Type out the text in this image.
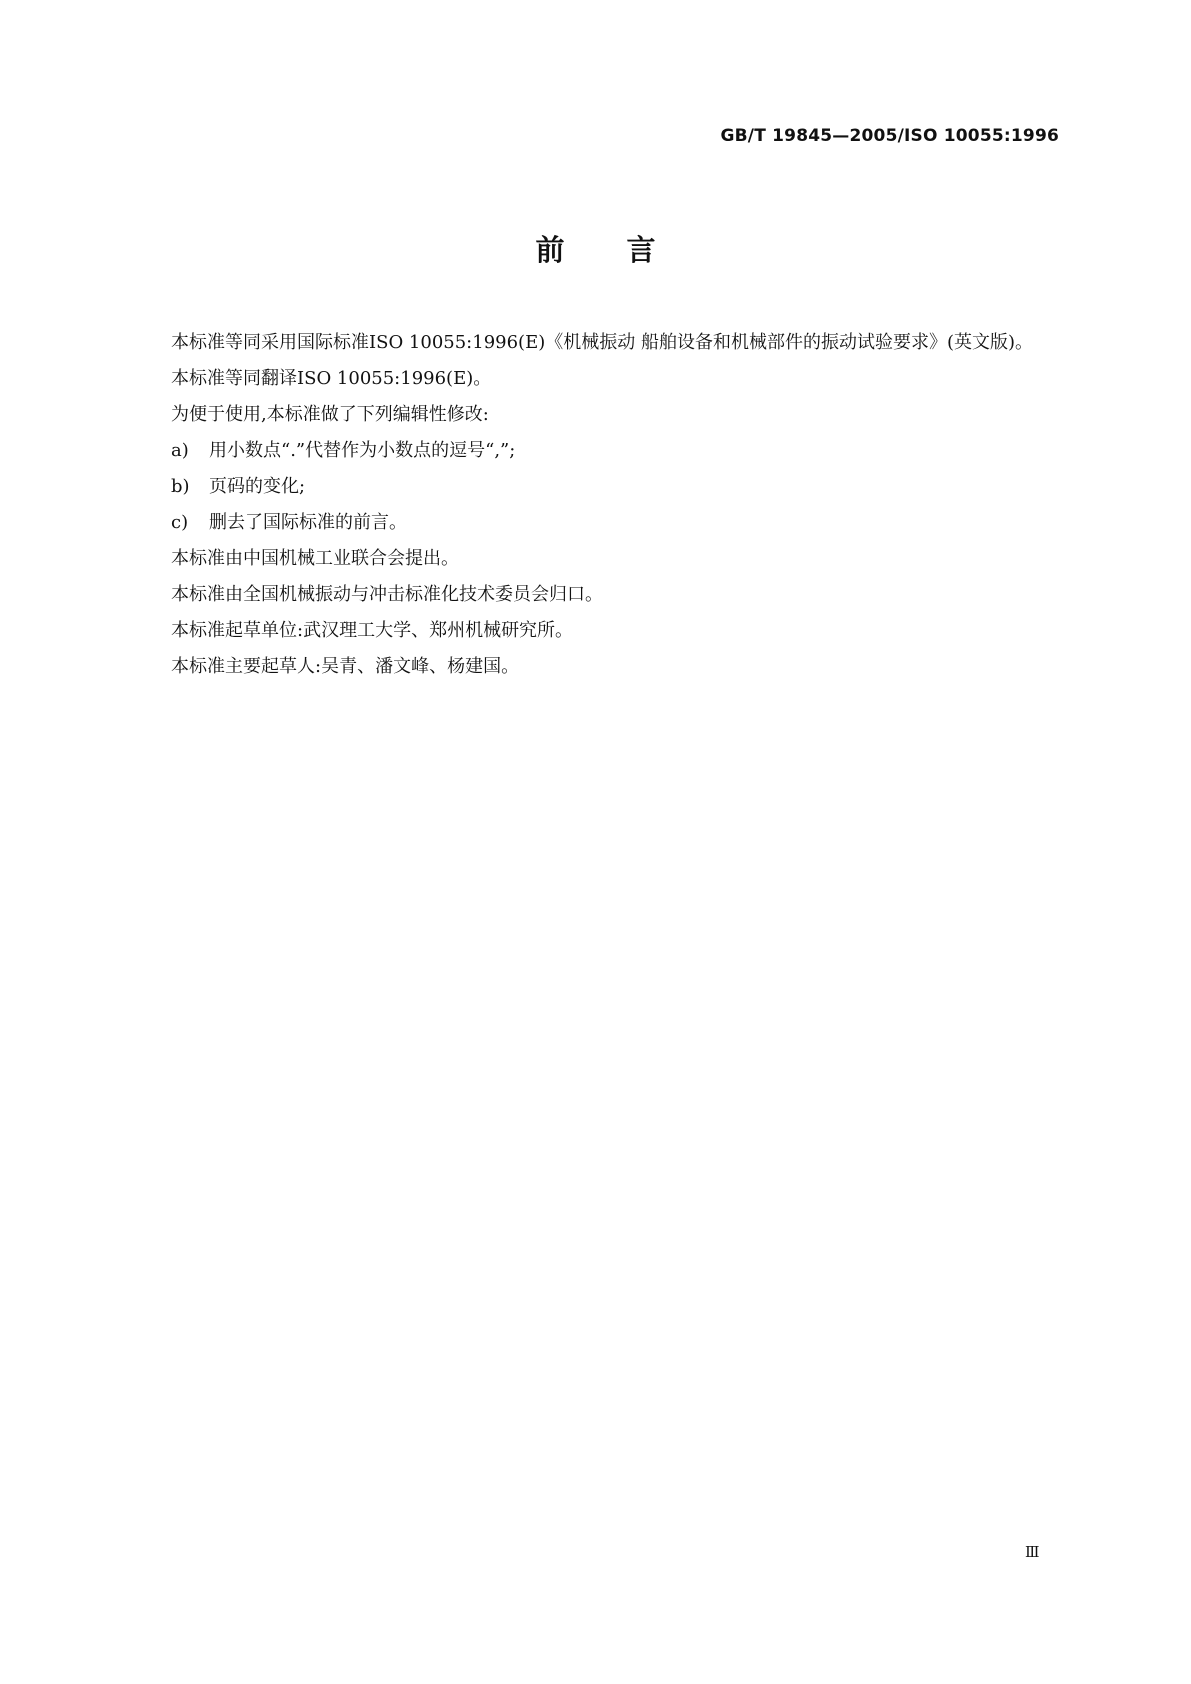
GB/T 19845—2005/ISO 10055:1996
前言

本标准等同采用国际标准ISO 10055:1996(E)《机械振动 船舶设备和机械部件的振动试验要求》(英文版)。

本标准等同翻译ISO 10055:1996(E)。

为便于使用,本标准做了下列编辑性修改:

a) 用小数点“.”代替作为小数点的逗号“,”;
b) 页码的变化;
c) 删去了国际标准的前言。

本标准由中国机械工业联合会提出。

本标准由全国机械振动与冲击标准化技术委员会归口。

本标准起草单位:武汉理工大学、郑州机械研究所。

本标准主要起草人:吴青、潘文峰、杨建国。

Ⅲ
